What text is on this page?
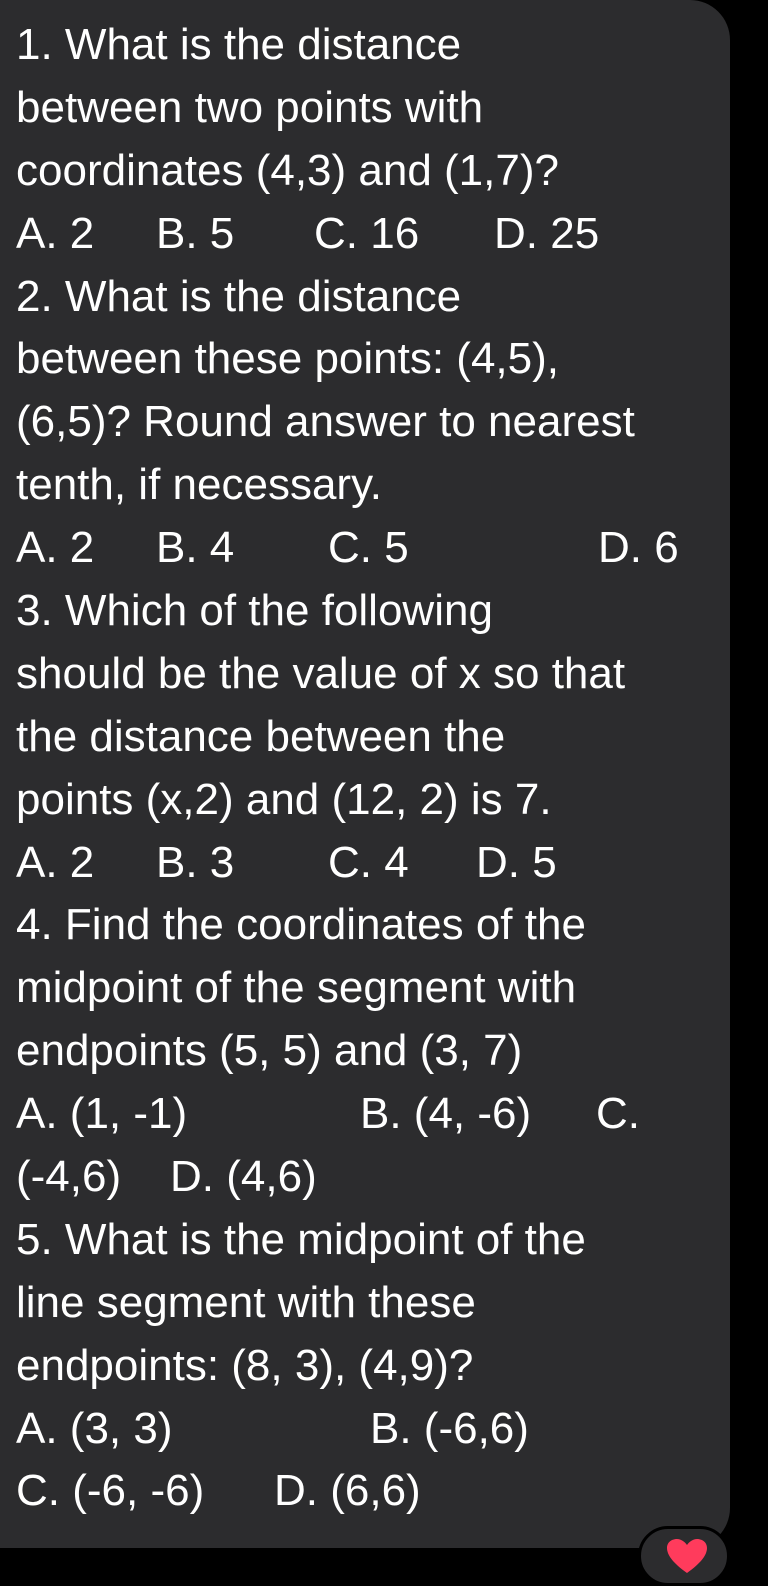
1. What is the distance
between two points with
coordinates (4,3) and (1,7)?
A. 2 B. 5 C. 16 D. 25
2. What is the distance
between these points: (4,5),
(6,5)? Round answer to nearest
tenth, if necessary.
A. 2 B. 4 C. 5	D. 6
3. Which of the following
should be the value of x so that
the distance between the
points (x,2) and (12, 2) is 7.
A. 2 B. 3 C. 4 D. 5
4. Find the coordinates of the
midpoint of the segment with
endpoints (5, 5) and (3, 7)
A. (1, -1)	B. (4, -6) C.
(-4,6)    D. (4,6)
5. What is the midpoint of the
line segment with these
endpoints: (8, 3), (4,9)?
A. (3, 3)	B. (-6,6)
C. (-6, -6) D. (6,6)
